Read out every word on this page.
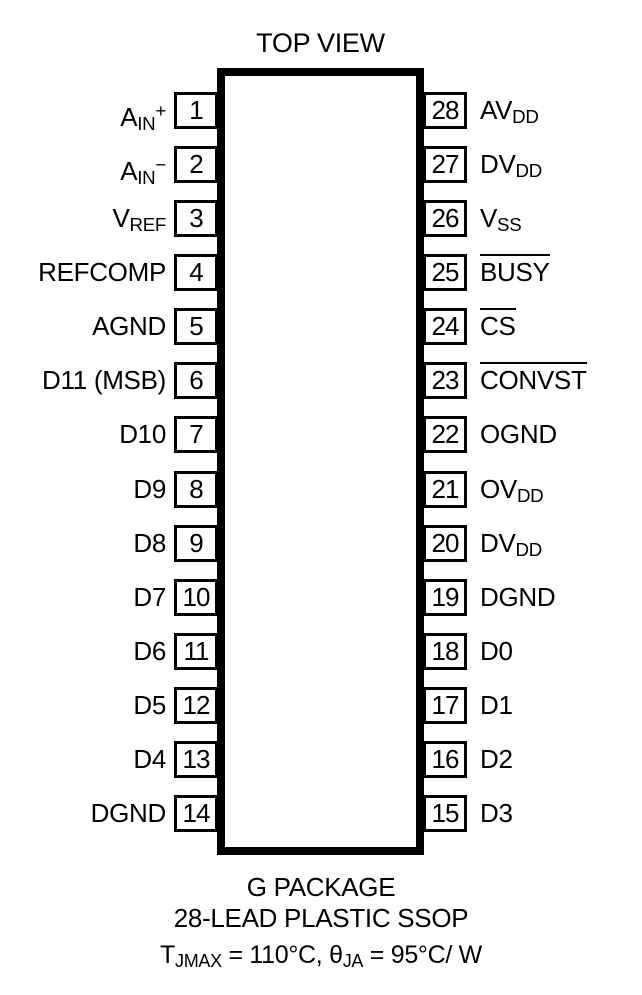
TOP VIEW
1
$A_{IN}^+$
2
$A_{IN}^-$
3
$V_{REF}$
4
REFCOMP
5
AGND
6
D11 (MSB)
7
D10
8
D9
9
D8
10
D7
11
D6
12
D5
13
D4
14
DGND
28 $AV_{DD}$
27 $DV_{DD}$
26 $V_{SS}$
25 BUSY
24 CS
23 CONVST
22 OGND
21 $OV_{DD}$
20 $DV_{DD}$
19 DGND
18 D0
17 D1
16 D2
15 D3
G PACKAGE
28-LEAD PLASTIC SSOP
$T_{JMAX} = 110^\circ C$, $\theta_{JA} = 95^\circ C/$ W
